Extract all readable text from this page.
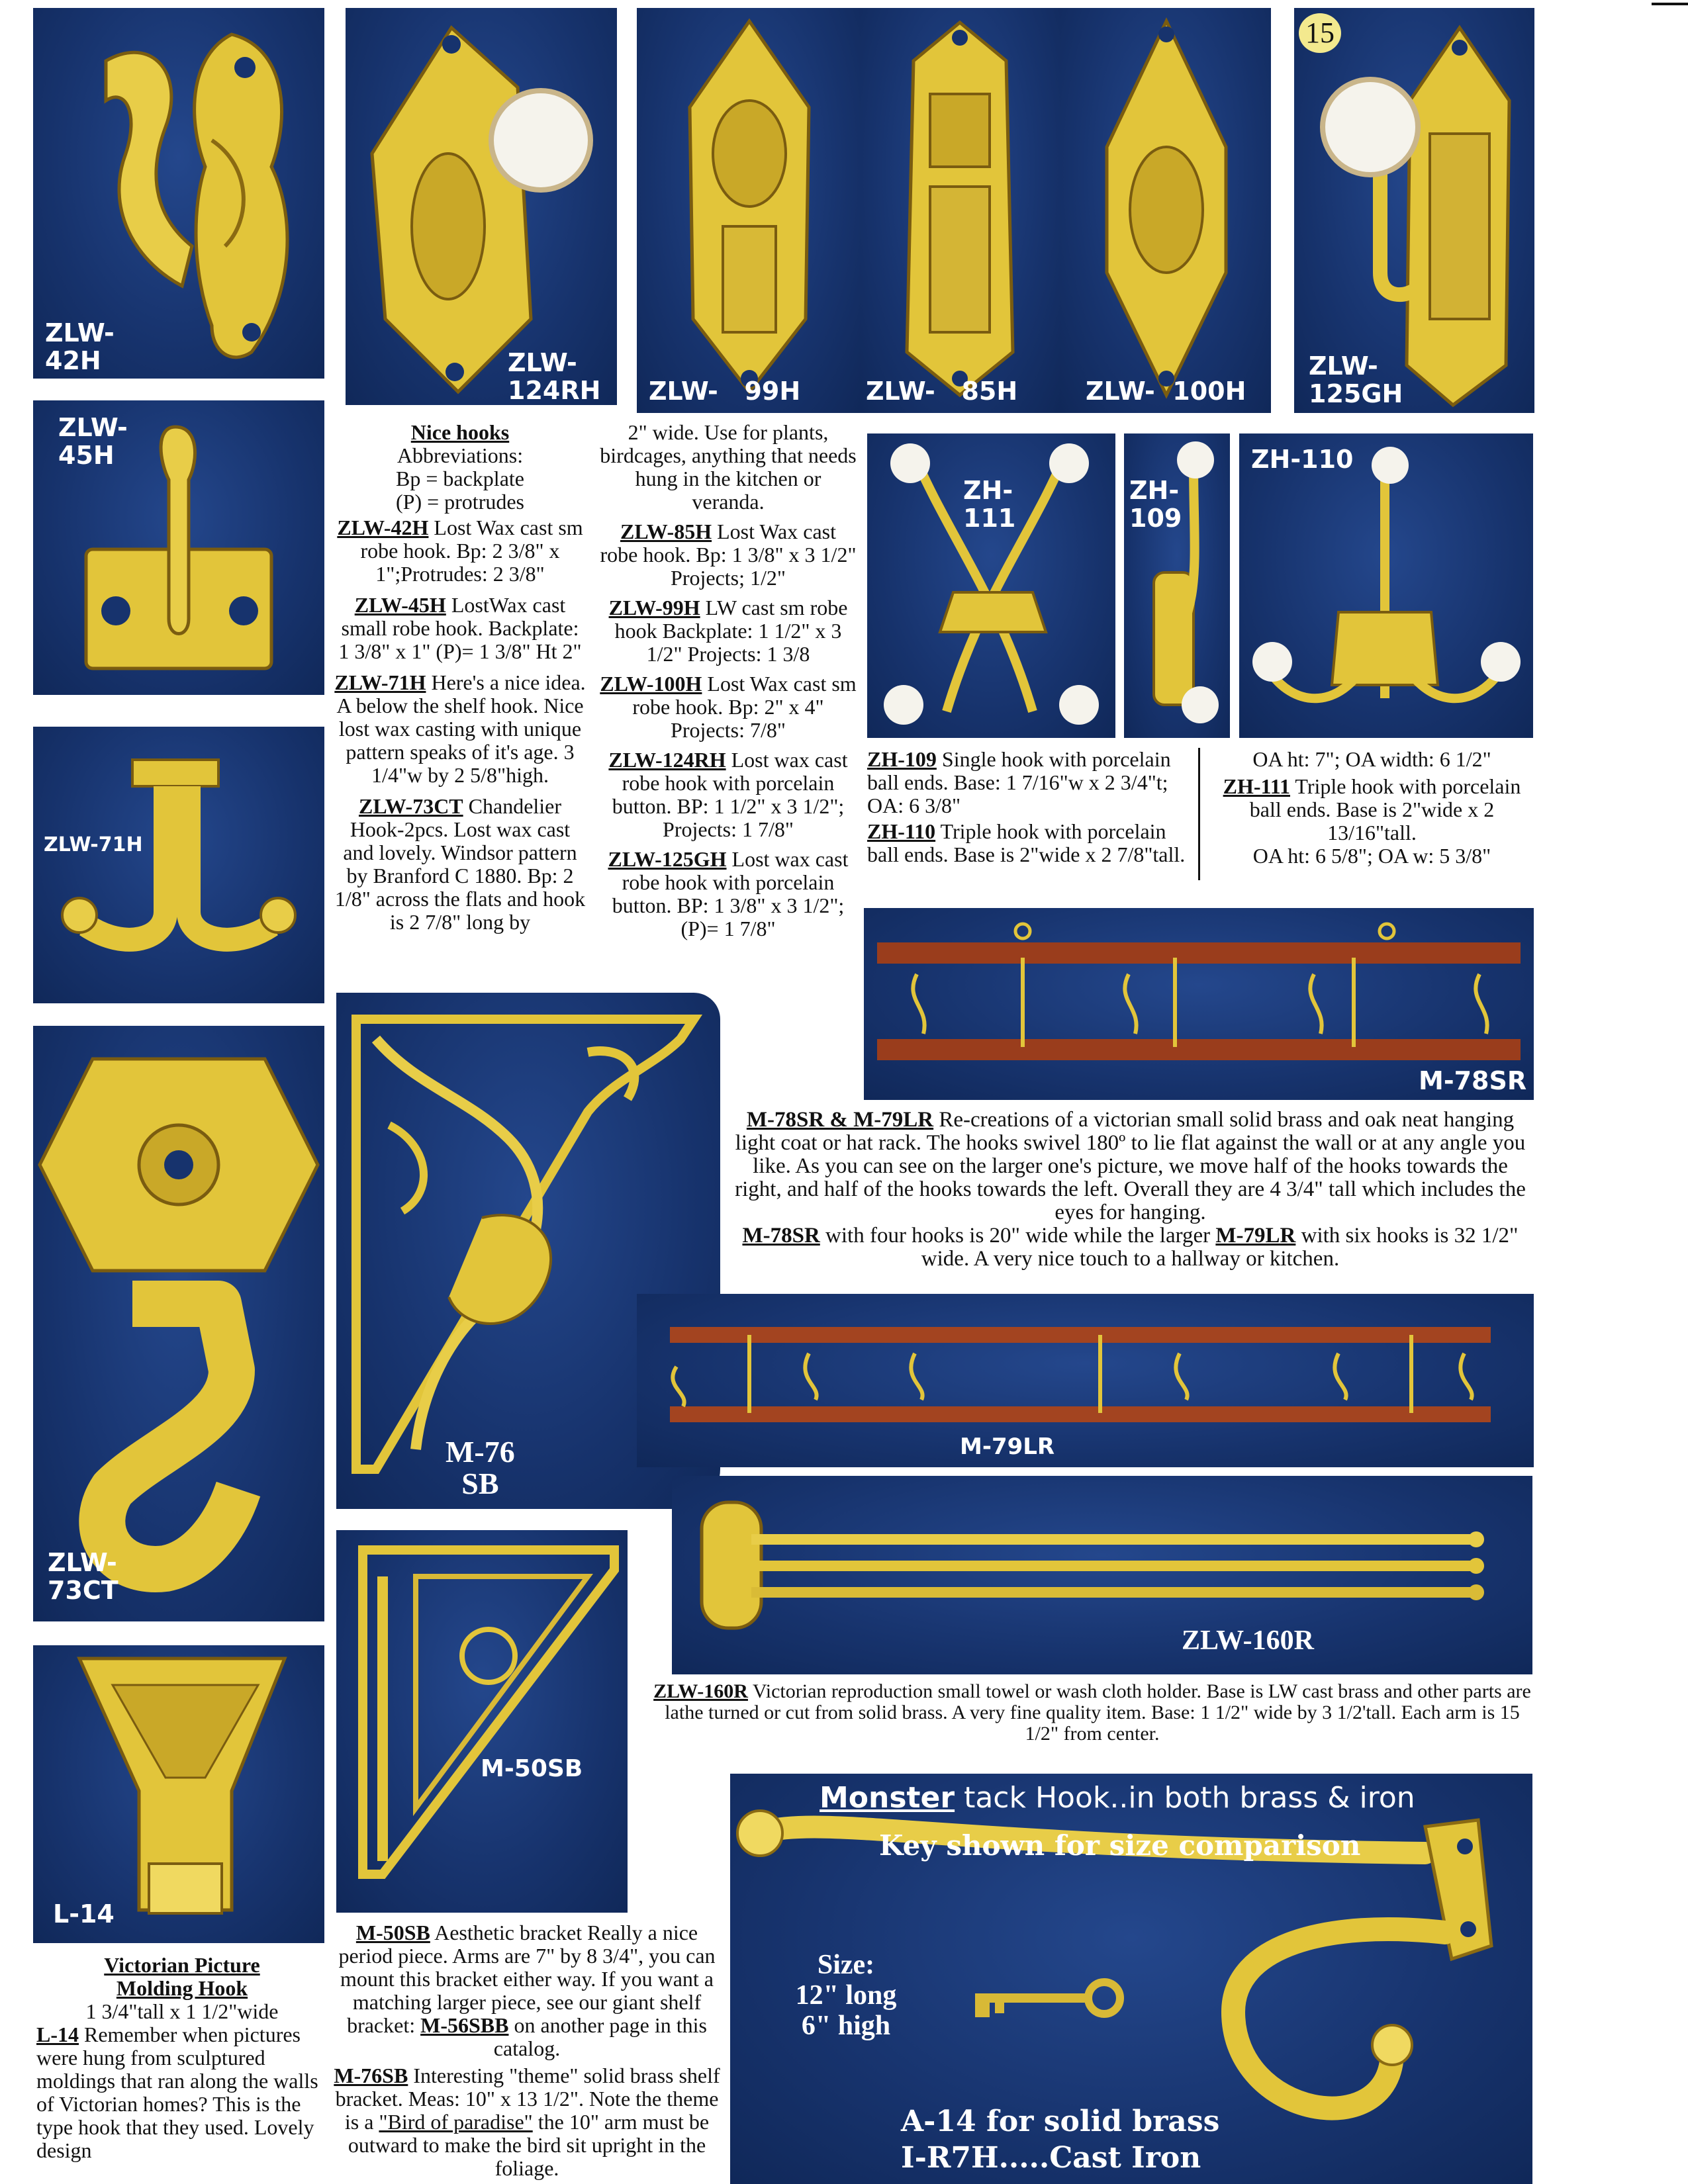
ZLW-
42H	ZLW-
124RH ZLW-   99H	ZLW-   85H	ZLW-  100H
ZLW-
125GH
15
ZLW-
45H
ZLW-71H
ZLW-
73CT
L-14

Nice hooks

Abbreviations:

Bp = backplate

(P) = protrudes

ZLW-42H Lost Wax cast sm robe hook. Bp: 2 3/8" x 1";Protrudes: 2 3/8"

ZLW-45H LostWax cast small robe hook. Backplate: 1 3/8" x 1" (P)= 1 3/8" Ht 2"

ZLW-71H Here's a nice idea. A below the shelf hook. Nice lost wax casting with unique pattern speaks of it's age. 3 1/4"w by 2 5/8"high.

ZLW-73CT Chandelier Hook-2pcs. Lost wax cast and lovely. Windsor pattern by Branford C 1880. Bp: 2 1/8" across the flats and hook is 2 7/8" long by

2" wide. Use for plants, birdcages, anything that needs hung in the kitchen or veranda.

ZLW-85H Lost Wax cast robe hook. Bp: 1 3/8" x 3 1/2" Projects; 1/2"

ZLW-99H LW cast sm robe hook Backplate: 1 1/2" x 3 1/2" Projects: 1 3/8

ZLW-100H Lost Wax cast sm robe hook. Bp: 2" x 4" Projects: 7/8"

ZLW-124RH Lost wax cast robe hook with porcelain button. BP: 1 1/2" x 3 1/2"; Projects: 1 7/8"

ZLW-125GH Lost wax cast robe hook with porcelain button. BP: 1 3/8" x 3 1/2"; (P)= 1 7/8"

ZH-
111
ZH-
109
ZH-110

ZH-109 Single hook with porcelain ball ends. Base: 1 7/16"w x 2 3/4"t; OA: 6 3/8"

ZH-110 Triple hook with porcelain ball ends. Base is 2"wide x 2 7/8"tall.

OA ht: 7"; OA width: 6 1/2"

ZH-111 Triple hook with porcelain ball ends. Base is 2"wide x 2 13/16"tall.

OA ht: 6 5/8"; OA w: 5 3/8"

M-78SR

M-78SR & M-79LR Re-creations of a victorian small solid brass and oak neat hanging light coat or hat rack. The hooks swivel 180º to lie flat against the wall or at any angle you like. As you can see on the larger one's picture, we move half of the hooks towards the right, and half of the hooks towards the left. Overall they are 4 3/4" tall which includes the eyes for hanging.

M-78SR with four hooks is 20" wide while the larger M-79LR with six hooks is 32 1/2" wide. A very nice touch to a hallway or kitchen.

M-76
SB
M-79LR
ZLW-160R

ZLW-160R Victorian reproduction small towel or wash cloth holder. Base is LW cast brass and other parts are lathe turned or cut from solid brass. A very fine quality item. Base: 1 1/2" wide by 3 1/2'tall. Each arm is 15 1/2" from center.

M-50SB

Victorian Picture

Molding Hook

1 3/4"tall x 1 1/2"wide

L-14 Remember when pictures were hung from sculptured moldings that ran along the walls of Victorian homes? This is the type hook that they used. Lovely design

M-50SB Aesthetic bracket Really a nice period piece. Arms are 7" by 8 3/4", you can mount this bracket either way. If you want a matching larger piece, see our giant shelf bracket: M-56SBB on another page in this catalog.

M-76SB Interesting "theme" solid brass shelf bracket. Meas: 10" x 13 1/2". Note the theme is a "Bird of paradise" the 10" arm must be outward to make the bird sit upright in the foliage.

Monster tack Hook..in both brass & iron
Key shown for size comparison

Size:

12" long

6" high

A-14 for solid brass
I-R7H.....Cast Iron
